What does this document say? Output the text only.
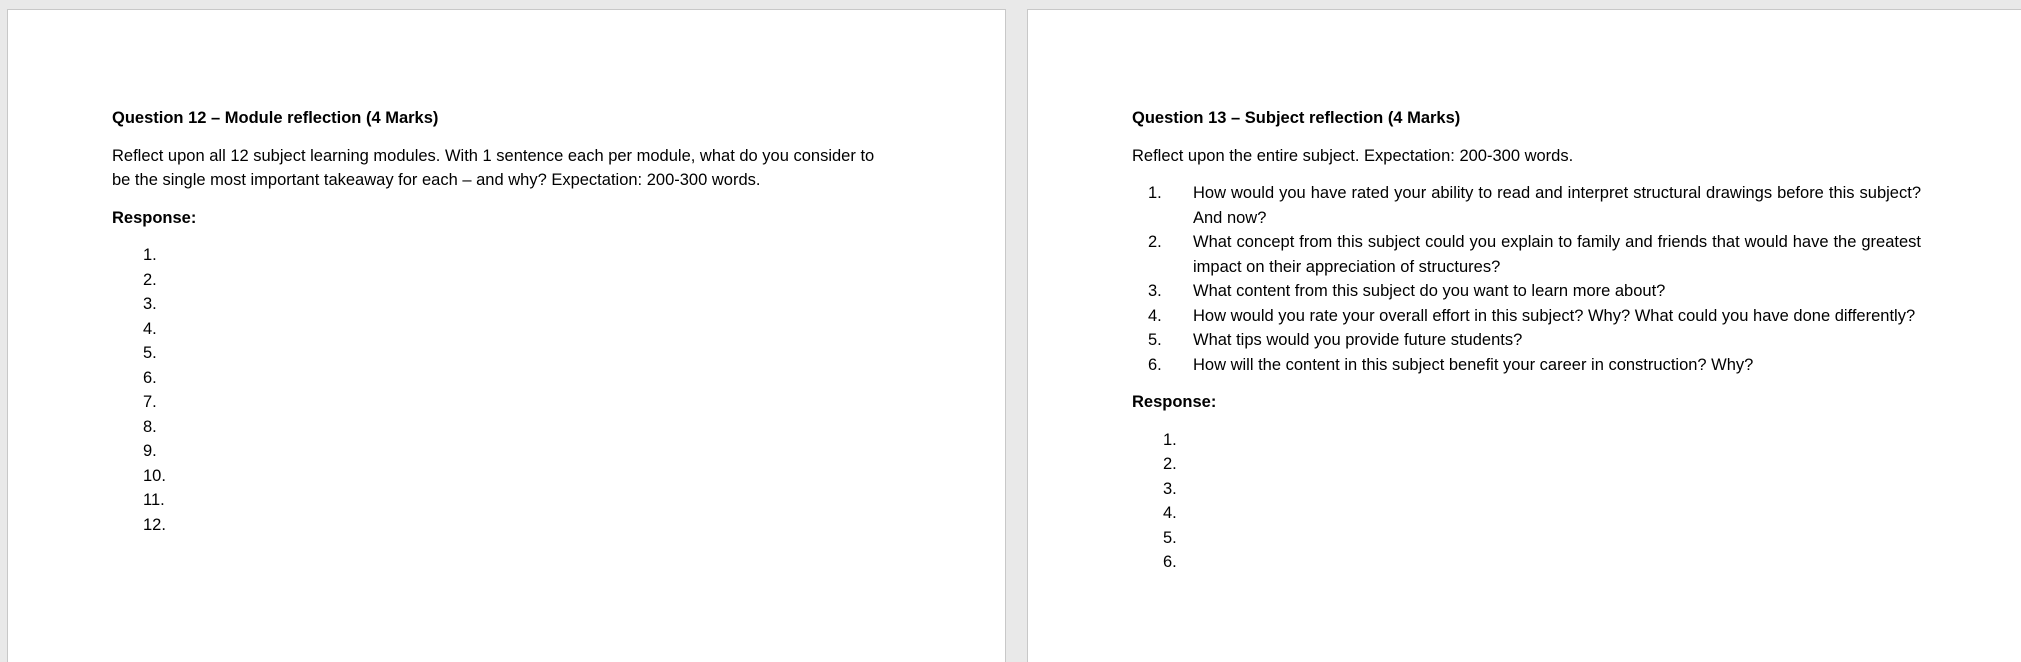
Question 12 – Module reflection (4 Marks)
Reflect upon all 12 subject learning modules. With 1 sentence each per module, what do you consider to
be the single most important takeaway for each – and why? Expectation: 200-300 words.
Response:
1.
2.
3.
4.
5.
6.
7.
8.
9.
10.
11.
12.
Question 13 – Subject reflection (4 Marks)
Reflect upon the entire subject. Expectation: 200-300 words.
1.	How would you have rated your ability to read and interpret structural drawings before this subject? And now?
2.	What concept from this subject could you explain to family and friends that would have the greatest impact on their appreciation of structures?
3.	What content from this subject do you want to learn more about?
4.	How would you rate your overall effort in this subject? Why? What could you have done differently?
5.	What tips would you provide future students?
6.	How will the content in this subject benefit your career in construction? Why?
Response:
1.
2.
3.
4.
5.
6.
